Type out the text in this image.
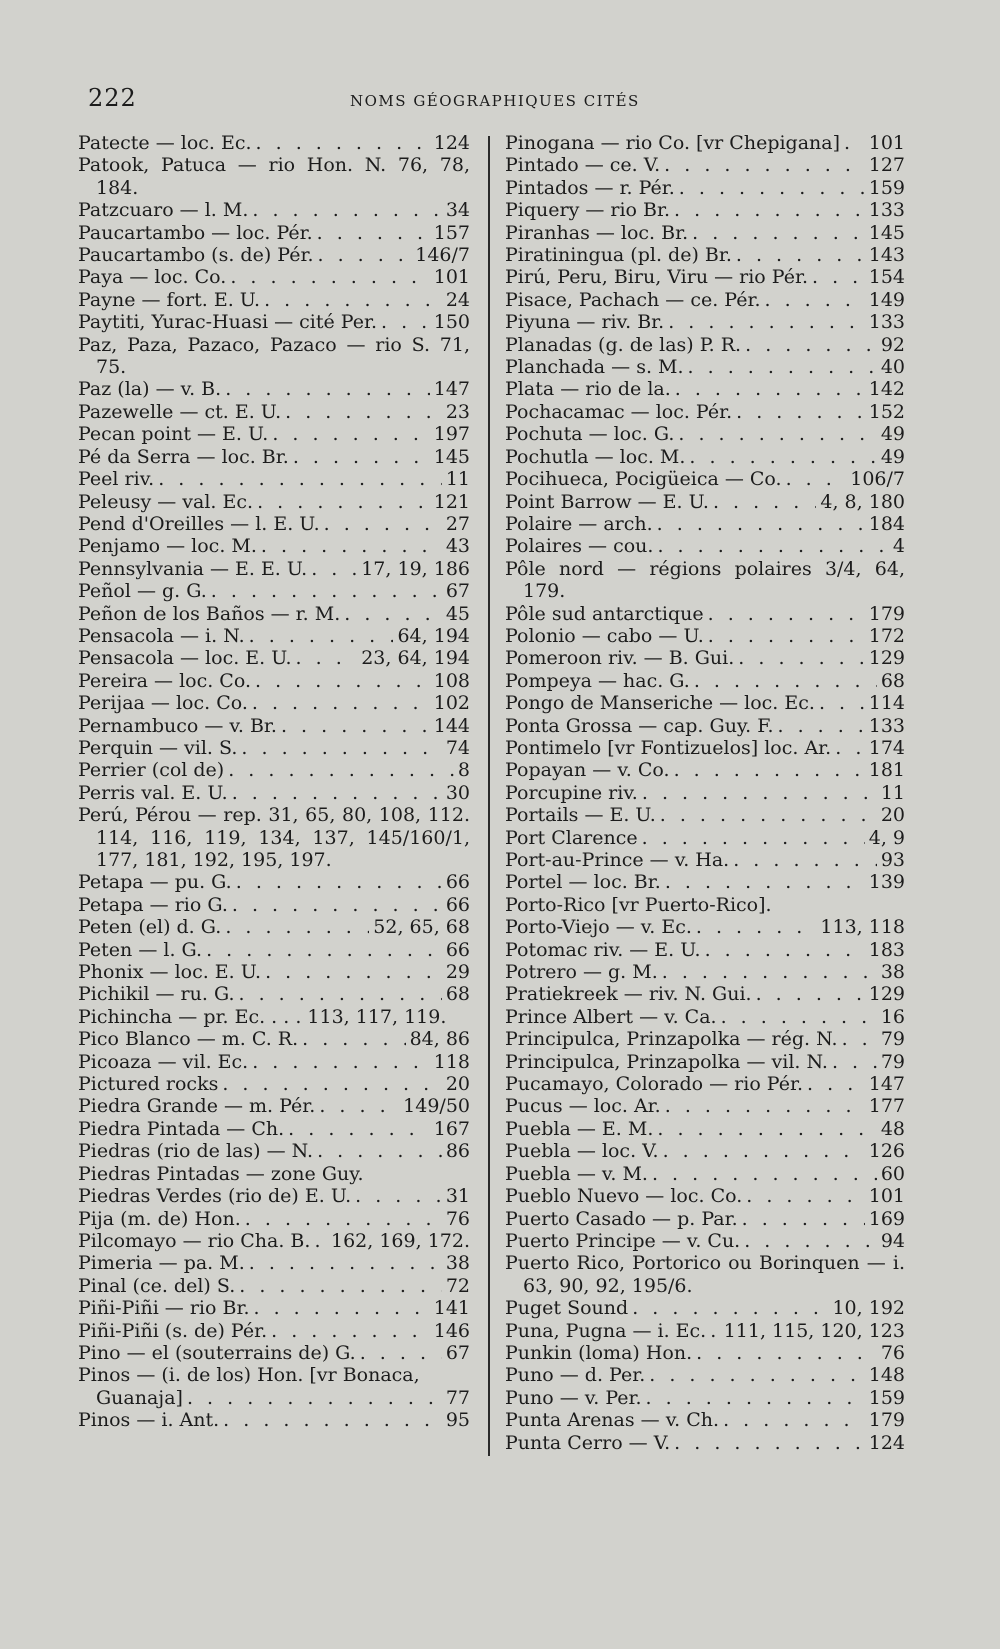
222	NOMS GÉOGRAPHIQUES CITÉS
Patecte — loc. Ec. . . .	124
Patook, Patuca — rio Hon. N. 76, 78, 184.
Patzcuaro — l. M. . . .	34
Paucartambo — loc. Pér. . . .	157
Paucartambo (s. de) Pér. . . .	146/7
Paya — loc. Co. . . .	101
Payne — fort. E. U. . . .	24
Paytiti, Yurac-Huasi — cité Per. . . .	150
Paz, Paza, Pazaco, Pazaco — rio S. 71, 75.
Paz (la) — v. B. . . .	147
Pazewelle — ct. E. U. . . .	23
Pecan point — E. U. . . .	197
Pé da Serra — loc. Br. . . .	145
Peel riv. . . .	11
Peleusy — val. Ec. . . .	121
Pend d'Oreilles — l. E. U. . . .	27
Penjamo — loc. M. . . .	43
Pennsylvania — E. E. U. . . .	17, 19, 186
Peñol — g. G. . . .	67
Peñon de los Baños — r. M. . . .	45
Pensacola — i. N. . . .	64, 194
Pensacola — loc. E. U. . . .	23, 64, 194
Pereira — loc. Co. . . .	108
Perijaa — loc. Co. . . .	102
Pernambuco — v. Br. . . .	144
Perquin — vil. S. . . .	74
Perrier (col de) . . .	8
Perris val. E. U. . . .	30
Perú, Pérou — rep. 31, 65, 80, 108, 112. 114, 116, 119, 134, 137, 145/160/1, 177, 181, 192, 195, 197.
Petapa — pu. G. . . .	66
Petapa — rio G. . . .	66
Peten (el) d. G. . . .	52, 65, 68
Peten — l. G. . . .	66
Phonix — loc. E. U. . . .	29
Pichikil — ru. G. . . .	68
Pichincha — pr. Ec. . . . 113, 117, 119.
Pico Blanco — m. C. R. . . .	84, 86
Picoaza — vil. Ec. . . .	118
Pictured rocks . . .	20
Piedra Grande — m. Pér. . . .	149/50
Piedra Pintada — Ch. . . .	167
Piedras (rio de las) — N. . . .	86
Piedras Pintadas — zone Guy.
Piedras Verdes (rio de) E. U. . . .	31
Pija (m. de) Hon. . . .	76
Pilcomayo — rio Cha. B. . . . 162, 169, 172.
Pimeria — pa. M. . . .	38
Pinal (ce. del) S. . . .	72
Piñi-Piñi — rio Br. . . .	141
Piñi-Piñi (s. de) Pér. . . .	146
Pino — el (souterrains de) G. . . .	67
Pinos — (i. de los) Hon. [vr Bonaca,
Guanaja] . . .	77
Pinos — i. Ant. . . .	95
Pinogana — rio Co. [vr Chepigana] . . . 101
Pintado — ce. V. . . .	127
Pintados — r. Pér. . . .	159
Piquery — rio Br. . . .	133
Piranhas — loc. Br. . . .	145
Piratiningua (pl. de) Br. . . .	143
Pirú, Peru, Biru, Viru — rio Pér. . . .	154
Pisace, Pachach — ce. Pér. . . .	149
Piyuna — riv. Br. . . .	133
Planadas (g. de las) P. R. . . .	92
Planchada — s. M. . . .	40
Plata — rio de la. . . .	142
Pochacamac — loc. Pér. . . .	152
Pochuta — loc. G. . . .	49
Pochutla — loc. M. . . .	49
Pocihueca, Pocigüeica — Co. . . .	106/7
Point Barrow — E. U. . . .	4, 8, 180
Polaire — arch. . . .	184
Polaires — cou. . . .	4
Pôle nord — régions polaires 3/4, 64, 179.
Pôle sud antarctique . . .	179
Polonio — cabo — U. . . .	172
Pomeroon riv. — B. Gui. . . .	129
Pompeya — hac. G. . . .	68
Pongo de Manseriche — loc. Ec. . . .	114
Ponta Grossa — cap. Guy. F. . . .	133
Pontimelo [vr Fontizuelos] loc. Ar. . . . 174
Popayan — v. Co. . . .	181
Porcupine riv. . . .	11
Portails — E. U. . . .	20
Port Clarence . . .	4, 9
Port-au-Prince — v. Ha. . . .	93
Portel — loc. Br. . . .	139
Porto-Rico [vr Puerto-Rico].
Porto-Viejo — v. Ec. . . .	113, 118
Potomac riv. — E. U. . . .	183
Potrero — g. M. . . .	38
Pratiekreek — riv. N. Gui. . . .	129
Prince Albert — v. Ca. . . .	16
Principulca, Prinzapolka — rég. N. . . . 79
Principulca, Prinzapolka — vil. N. . . .	79
Pucamayo, Colorado — rio Pér. . . .	147
Pucus — loc. Ar. . . .	177
Puebla — E. M. . . .	48
Puebla — loc. V. . . .	126
Puebla — v. M. . . .	60
Pueblo Nuevo — loc. Co. . . .	101
Puerto Casado — p. Par. . . .	169
Puerto Principe — v. Cu. . . .	94
Puerto Rico, Portorico ou Borinquen — i. 63, 90, 92, 195/6.
Puget Sound . . .	10, 192
Puna, Pugna — i. Ec. . . . 111, 115, 120, 123
Punkin (loma) Hon. . . .	76
Puno — d. Per. . . .	148
Puno — v. Per. . . .	159
Punta Arenas — v. Ch. . . .	179
Punta Cerro — V. . . .	124
